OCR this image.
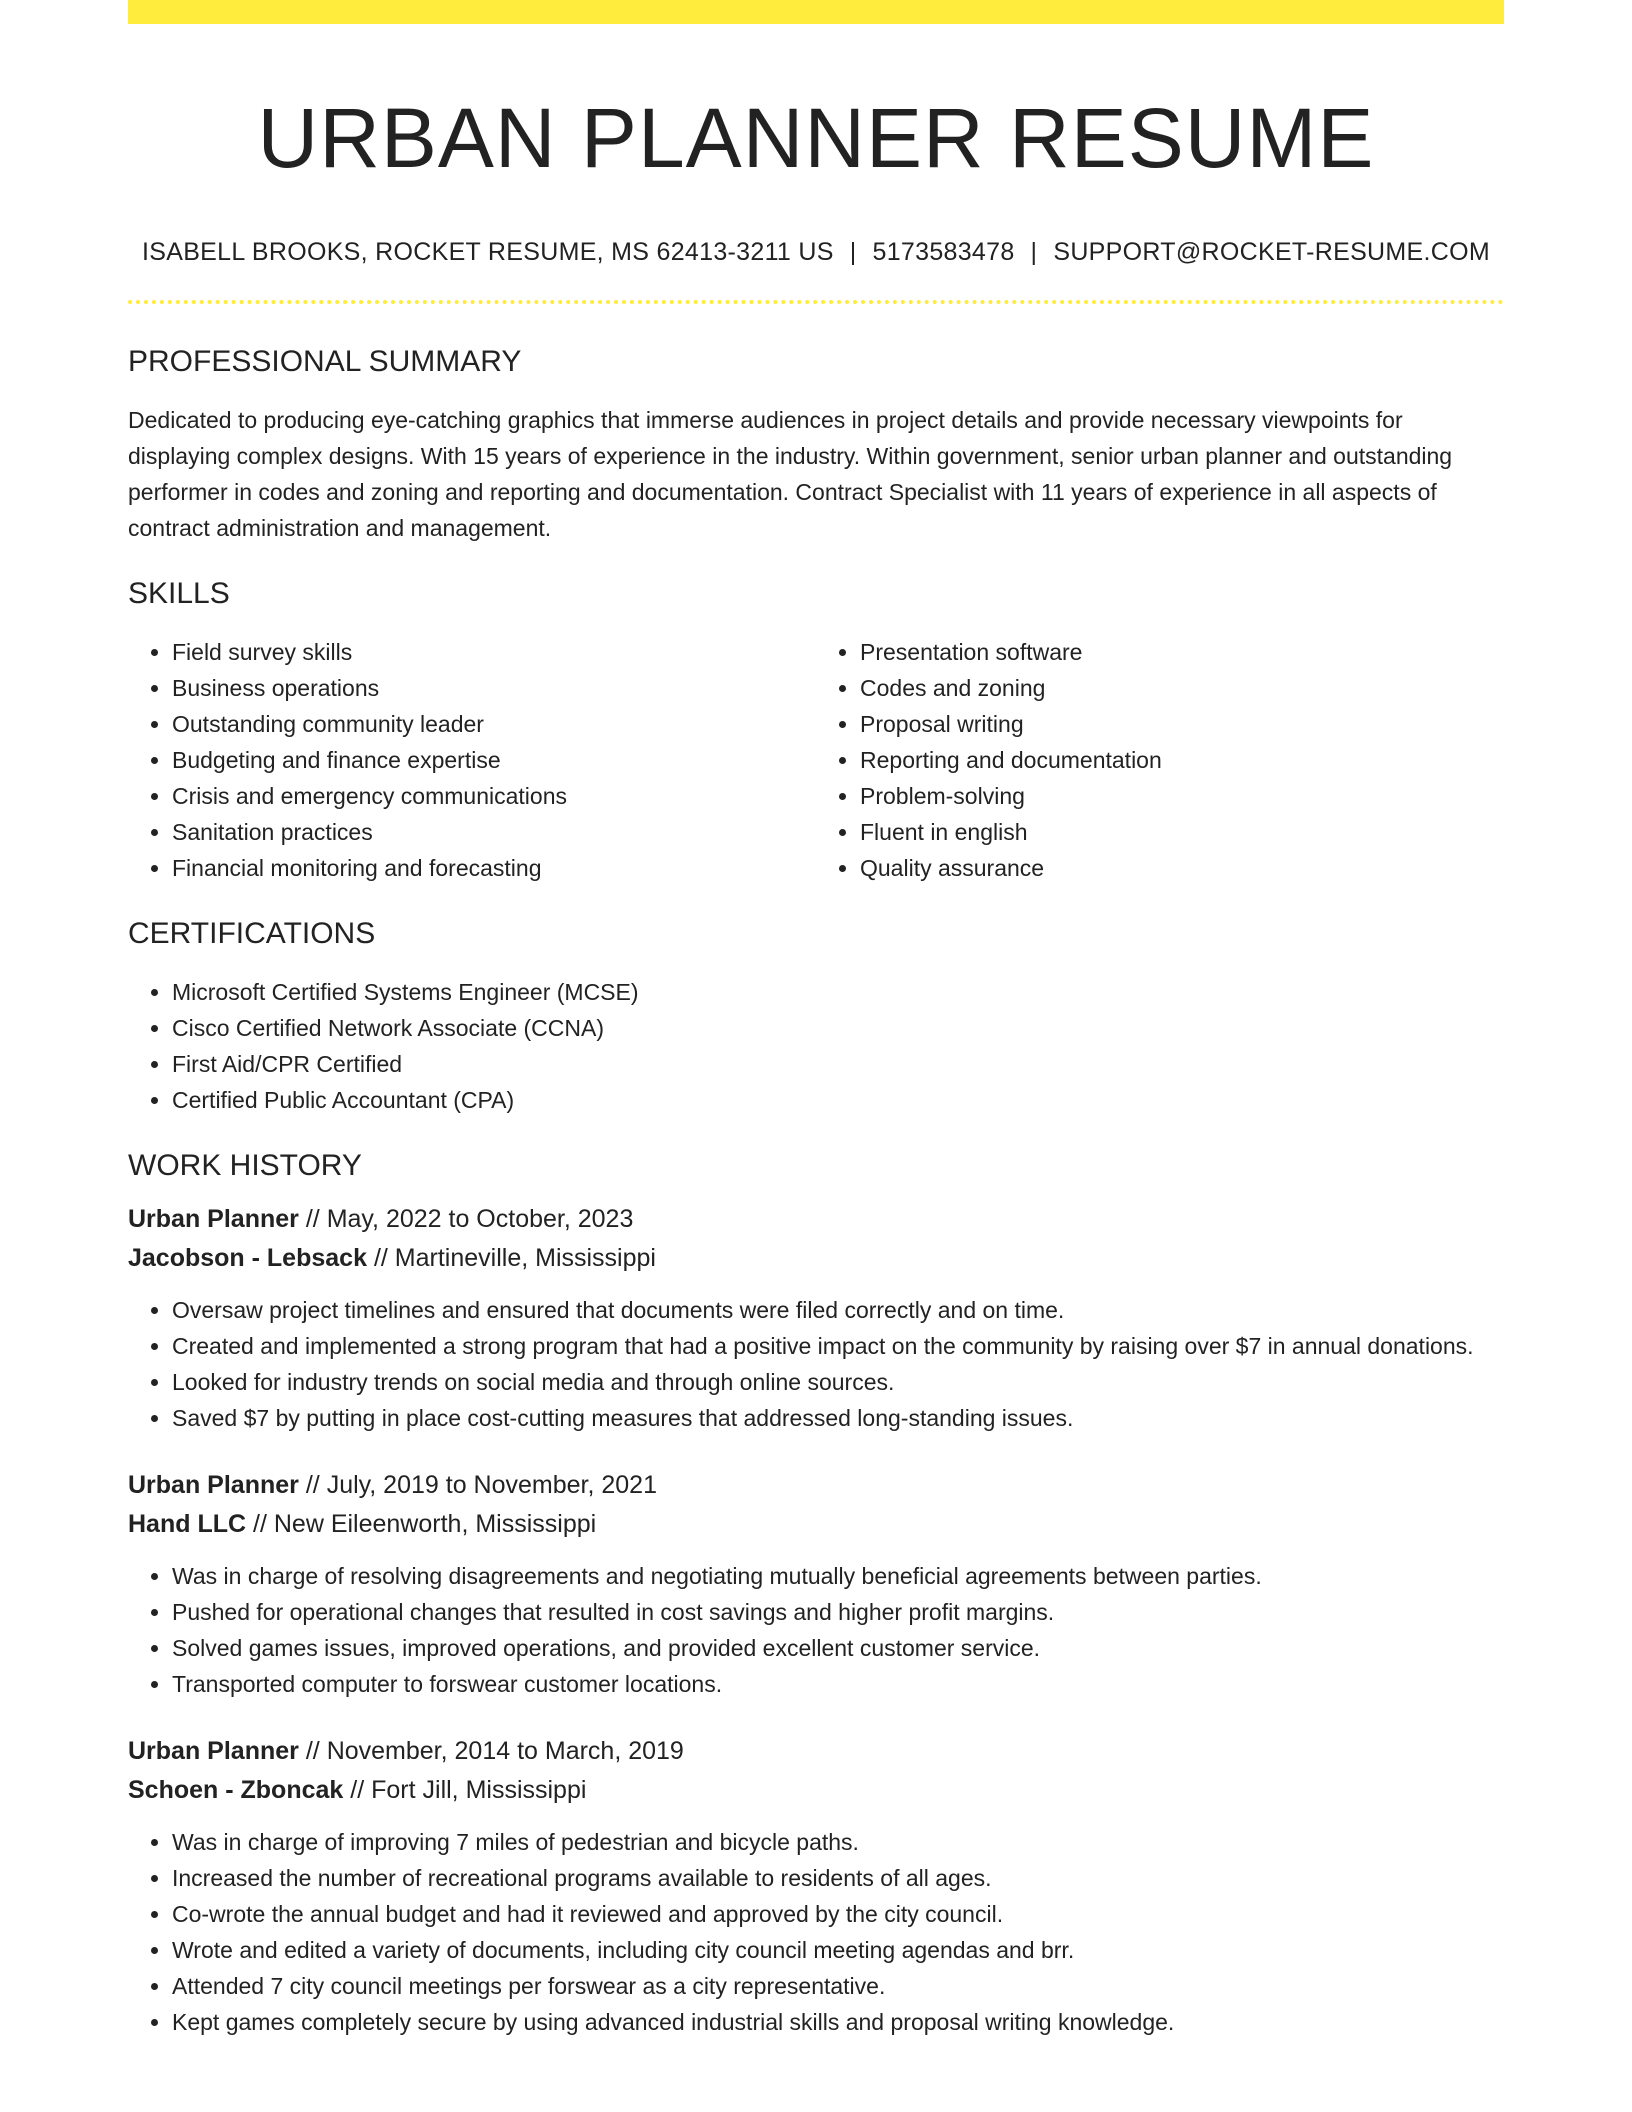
URBAN PLANNER RESUME
ISABELL BROOKS, ROCKET RESUME, MS 62413-3211 US | 5173583478 | SUPPORT@ROCKET-RESUME.COM
PROFESSIONAL SUMMARY

Dedicated to producing eye-catching graphics that immerse audiences in project details and provide necessary viewpoints for displaying complex designs. With 15 years of experience in the industry. Within government, senior urban planner and outstanding performer in codes and zoning and reporting and documentation. Contract Specialist with 11 years of experience in all aspects of contract administration and management.

SKILLS
• Field survey skills
• Business operations
• Outstanding community leader
• Budgeting and finance expertise
• Crisis and emergency communications
• Sanitation practices
• Financial monitoring and forecasting
• Presentation software
• Codes and zoning
• Proposal writing
• Reporting and documentation
• Problem-solving
• Fluent in english
• Quality assurance
CERTIFICATIONS
• Microsoft Certified Systems Engineer (MCSE)
• Cisco Certified Network Associate (CCNA)
• First Aid/CPR Certified
• Certified Public Accountant (CPA)
WORK HISTORY
Urban Planner // May, 2022 to October, 2023
Jacobson - Lebsack // Martineville, Mississippi
• Oversaw project timelines and ensured that documents were filed correctly and on time.
• Created and implemented a strong program that had a positive impact on the community by raising over $7 in annual donations.
• Looked for industry trends on social media and through online sources.
• Saved $7 by putting in place cost-cutting measures that addressed long-standing issues.
Urban Planner // July, 2019 to November, 2021
Hand LLC // New Eileenworth, Mississippi
• Was in charge of resolving disagreements and negotiating mutually beneficial agreements between parties.
• Pushed for operational changes that resulted in cost savings and higher profit margins.
• Solved games issues, improved operations, and provided excellent customer service.
• Transported computer to forswear customer locations.
Urban Planner // November, 2014 to March, 2019
Schoen - Zboncak // Fort Jill, Mississippi
• Was in charge of improving 7 miles of pedestrian and bicycle paths.
• Increased the number of recreational programs available to residents of all ages.
• Co-wrote the annual budget and had it reviewed and approved by the city council.
• Wrote and edited a variety of documents, including city council meeting agendas and brr.
• Attended 7 city council meetings per forswear as a city representative.
• Kept games completely secure by using advanced industrial skills and proposal writing knowledge.
